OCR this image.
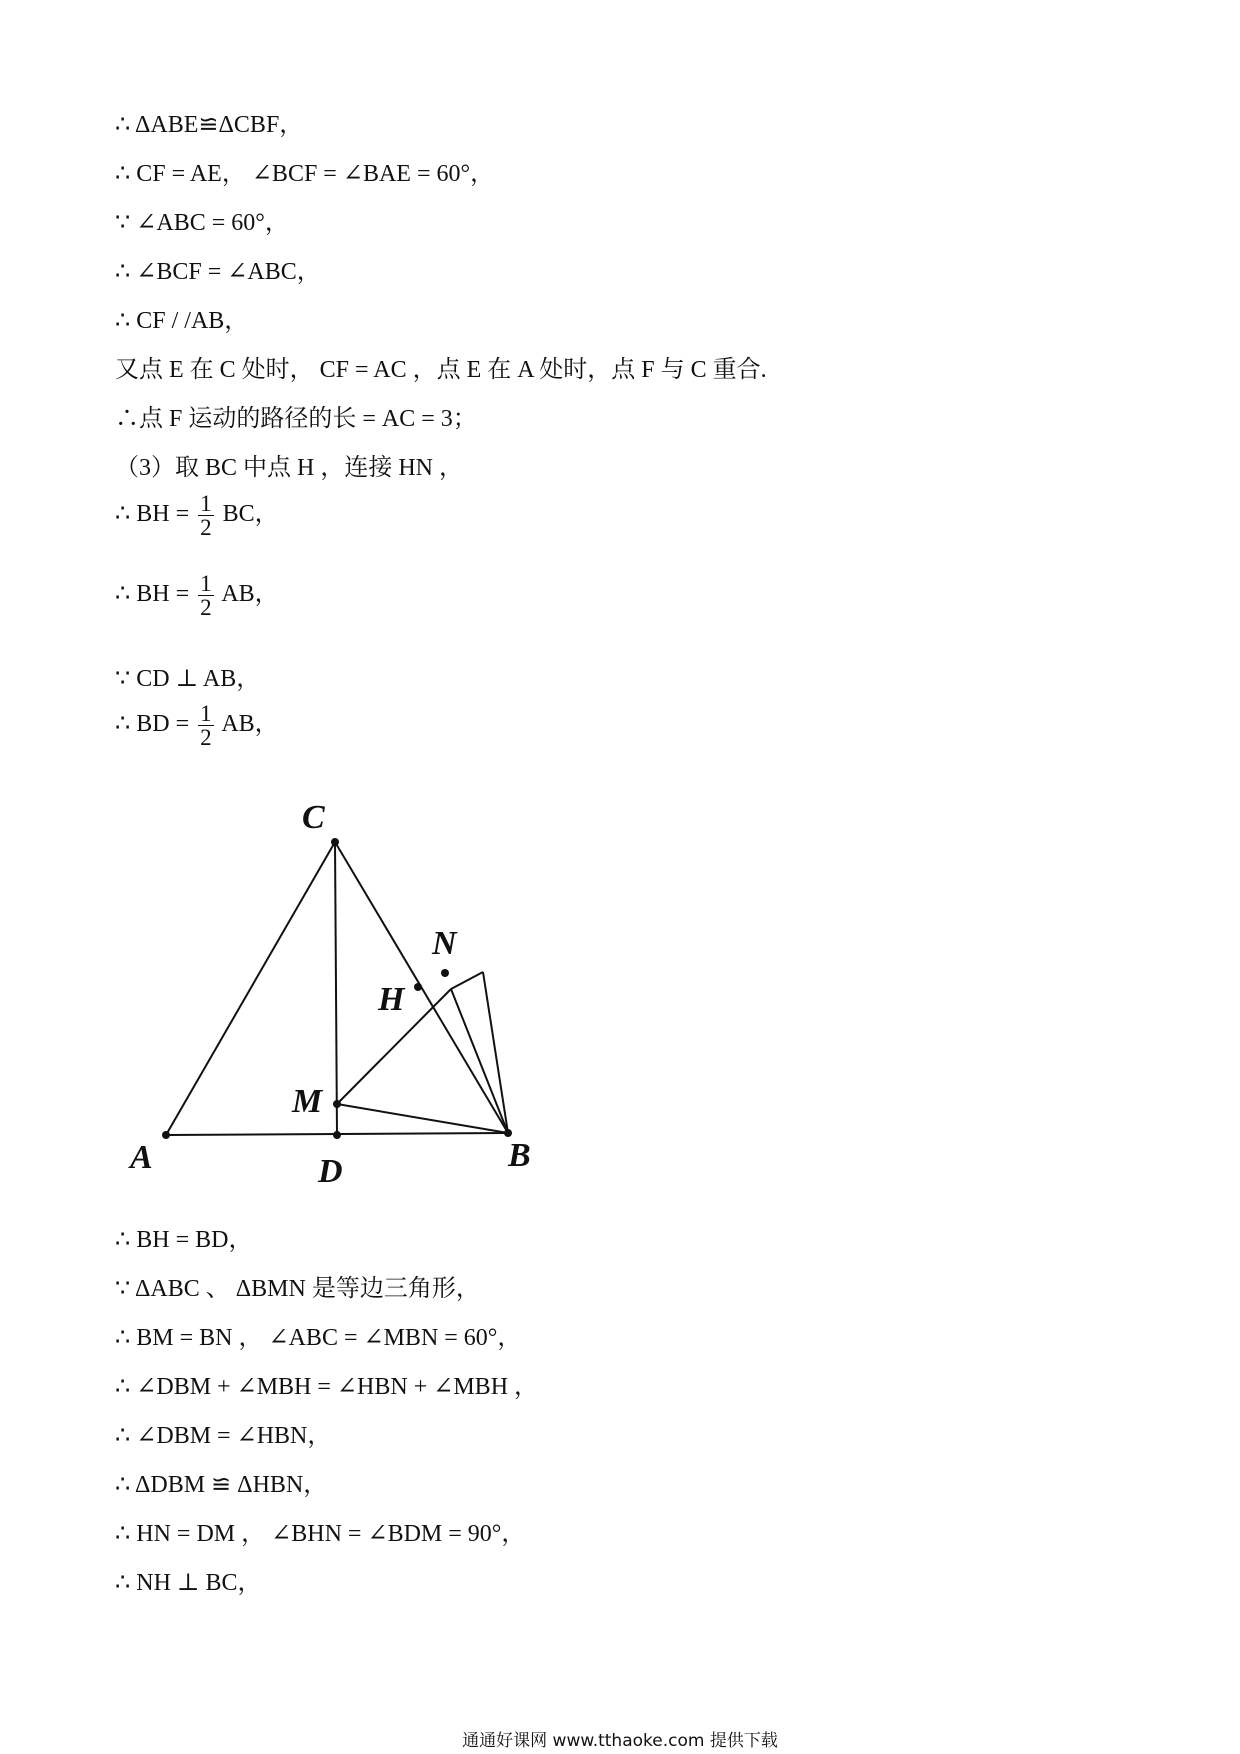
∴ ΔABE≌ΔCBF，
∴ CF = AE， ∠BCF = ∠BAE = 60°，
∵ ∠ABC = 60°，
∴ ∠BCF = ∠ABC，
∴ CF / /AB，
又点 E 在 C 处时， CF = AC ，点 E 在 A 处时，点 F 与 C 重合.
∴点 F 运动的路径的长 = AC = 3；
（3）取 BC 中点 H ，连接 HN ，
∴ BH = $\frac{1}{2}$ BC，
∴ BH = $\frac{1}{2}$ AB，
∵ CD ⊥ AB，
∴ BD = $\frac{1}{2}$ AB，
A	B
C
D
H
M
N
∴ BH = BD，
∵ ΔABC 、 ΔBMN 是等边三角形，
∴ BM = BN ， ∠ABC = ∠MBN = 60°，
∴ ∠DBM + ∠MBH = ∠HBN + ∠MBH ，
∴ ∠DBM = ∠HBN，
∴ ΔDBM ≌ ΔHBN，
∴ HN = DM ， ∠BHN = ∠BDM = 90°，
∴ NH ⊥ BC，
通通好课网 www.tthaoke.com 提供下载
